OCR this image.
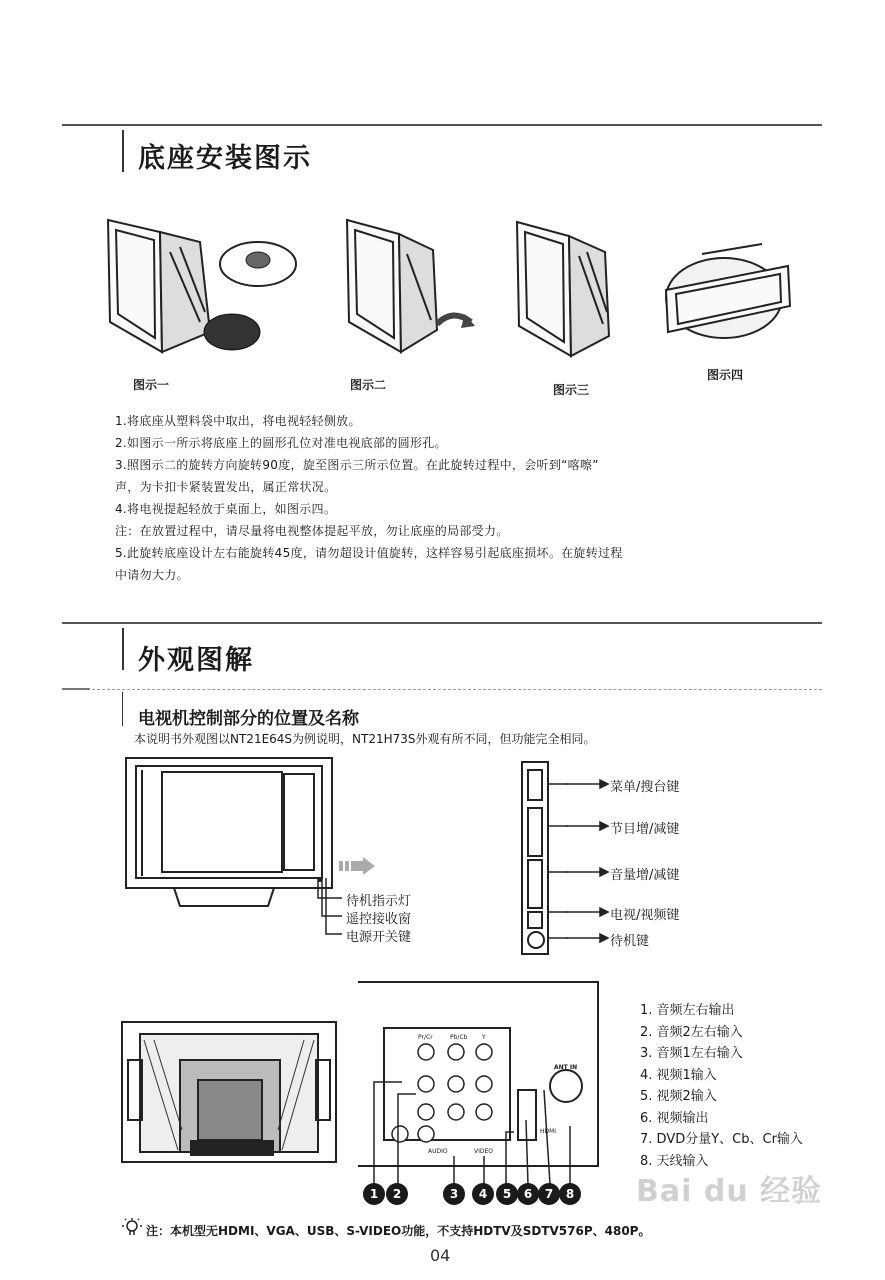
底座安装图示
图示一	图示二	图示三
图示四
1.将底座从塑料袋中取出，将电视轻轻侧放。
2.如图示一所示将底座上的圆形孔位对准电视底部的圆形孔。
3.照图示二的旋转方向旋转90度，旋至图示三所示位置。在此旋转过程中，会听到“喀嚓”
声，为卡扣卡紧装置发出，属正常状况。
4.将电视提起轻放于桌面上，如图示四。
注：在放置过程中，请尽量将电视整体提起平放，勿让底座的局部受力。
5.此旋转底座设计左右能旋转45度，请勿超设计值旋转，这样容易引起底座损坏。在旋转过程
中请勿大力。
外观图解
电视机控制部分的位置及名称
本说明书外观图以NT21E64S为例说明，NT21H73S外观有所不同，但功能完全相同。
待机指示灯
遥控接收窗
电源开关键
菜单/搜台键
节目增/减键
音量增/减键
电视/视频键
待机键
Pr/Cr	Pb/Cb Y
HDMI
ANT IN
VIDEO
AUDIO
1	2	3	4	5	6	7	8
1. 音频左右输出
2. 音频2左右输入
3. 音频1左右输入
4. 视频1输入
5. 视频2输入
6. 视频输出
7. DVD分量Y、Cb、Cr输入
8. 天线输入
注：本机型无HDMI、VGA、USB、S-VIDEO功能，不支持HDTV及SDTV576P、480P。
Bai du 经验
04
